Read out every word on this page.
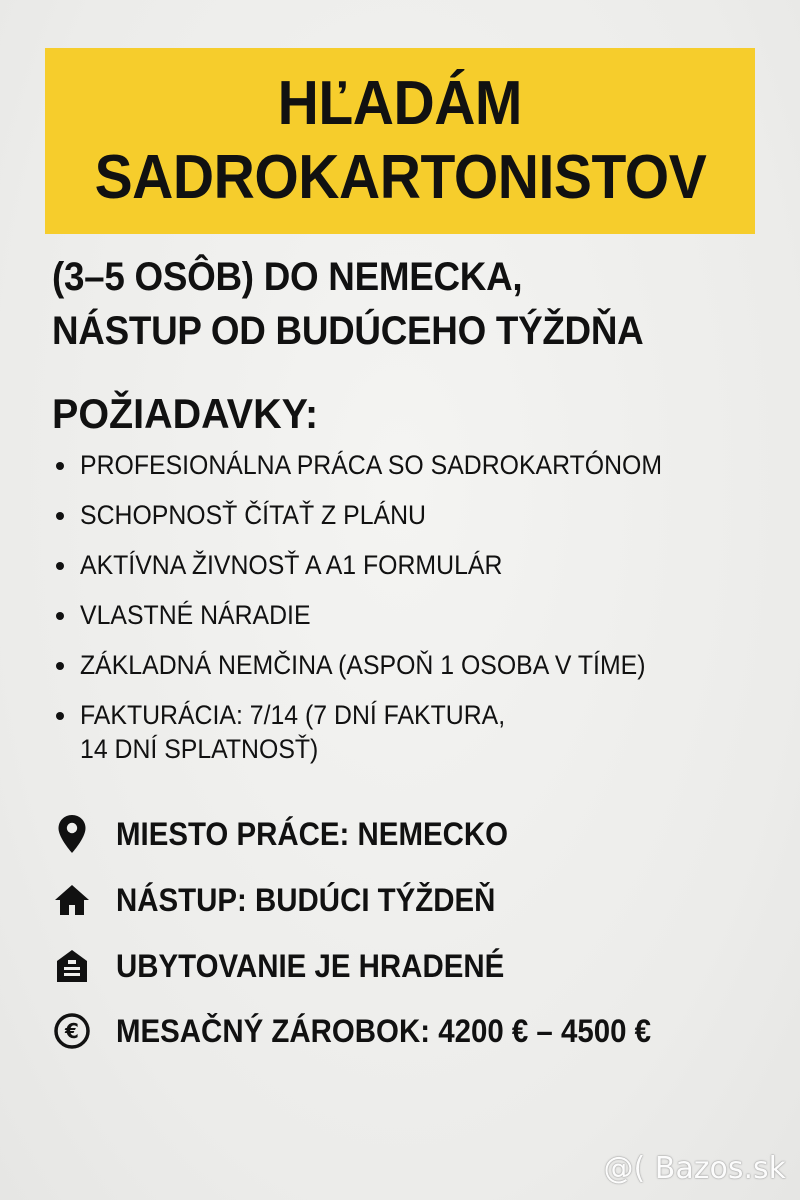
HĽADÁM
SADROKARTONISTOV
(3–5 OSÔB) DO NEMECKA,
NÁSTUP OD BUDÚCEHO TÝŽDŇA
POŽIADAVKY:
PROFESIONÁLNA PRÁCA SO SADROKARTÓNOM
SCHOPNOSŤ ČÍTAŤ Z PLÁNU
AKTÍVNA ŽIVNOSŤ A A1 FORMULÁR
VLASTNÉ NÁRADIE
ZÁKLADNÁ NEMČINA (ASPOŇ 1 OSOBA V TÍME)
FAKTURÁCIA: 7/14 (7 DNÍ FAKTURA,
14 DNÍ SPLATNOSŤ)
MIESTO PRÁCE: NEMECKO
NÁSTUP: BUDÚCI TÝŽDEŇ
UBYTOVANIE JE HRADENÉ
€ MESAČNÝ ZÁROBOK: 4200 € – 4500 €
@( Bazos.sk
